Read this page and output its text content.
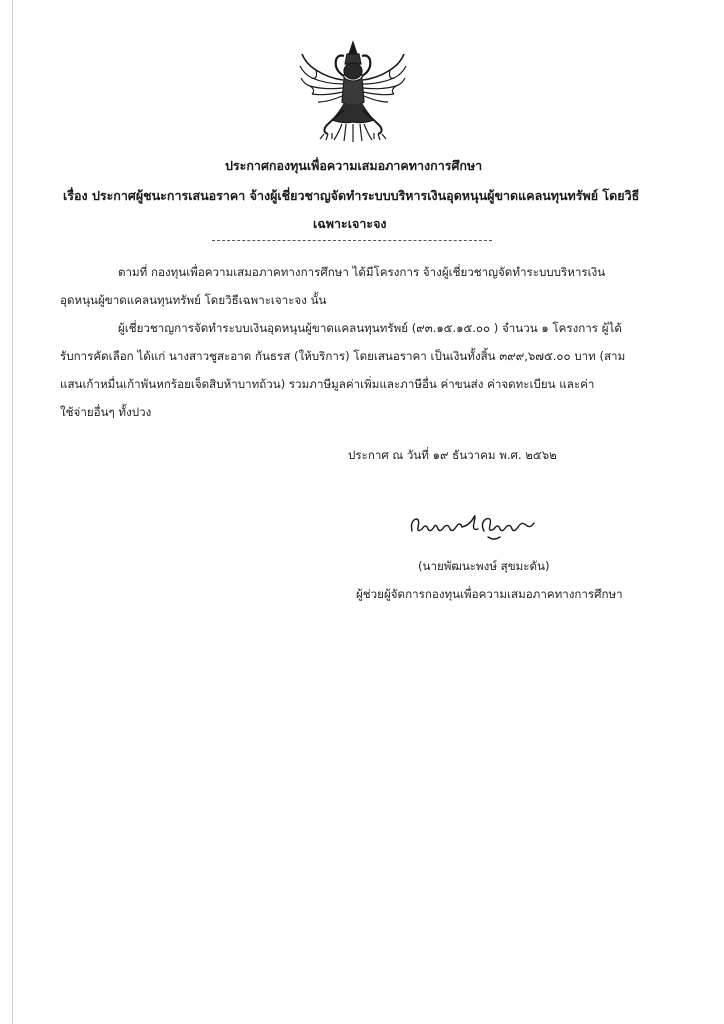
ประกาศกองทุนเพื่อความเสมอภาคทางการศึกษา
เรื่อง ประกาศผู้ชนะการเสนอราคา จ้างผู้เชี่ยวชาญจัดทำระบบบริหารเงินอุดหนุนผู้ขาดแคลนทุนทรัพย์ โดยวิธี
เฉพาะเจาะจง
ตามที่ กองทุนเพื่อความเสมอภาคทางการศึกษา ได้มีโครงการ จ้างผู้เชี่ยวชาญจัดทำระบบบริหารเงิน
อุดหนุนผู้ขาดแคลนทุนทรัพย์ โดยวิธีเฉพาะเจาะจง นั้น
ผู้เชี่ยวชาญการจัดทำระบบเงินอุดหนุนผู้ขาดแคลนทุนทรัพย์ (๙๓.๑๕.๑๕.๐๐ ) จำนวน ๑ โครงการ ผู้ได้
รับการคัดเลือก ได้แก่ นางสาวชูสะอาด กันธรส (ให้บริการ) โดยเสนอราคา เป็นเงินทั้งสิ้น ๓๙๙,๖๗๕.๐๐ บาท (สาม
แสนเก้าหมื่นเก้าพันหกร้อยเจ็ดสิบห้าบาทถ้วน) รวมภาษีมูลค่าเพิ่มและภาษีอื่น ค่าขนส่ง ค่าจดทะเบียน และค่า
ใช้จ่ายอื่นๆ ทั้งปวง
ประกาศ ณ วันที่ ๑๙ ธันวาคม พ.ศ. ๒๕๖๒
(นายพัฒนะพงษ์ สุขมะดัน)
ผู้ช่วยผู้จัดการกองทุนเพื่อความเสมอภาคทางการศึกษา
